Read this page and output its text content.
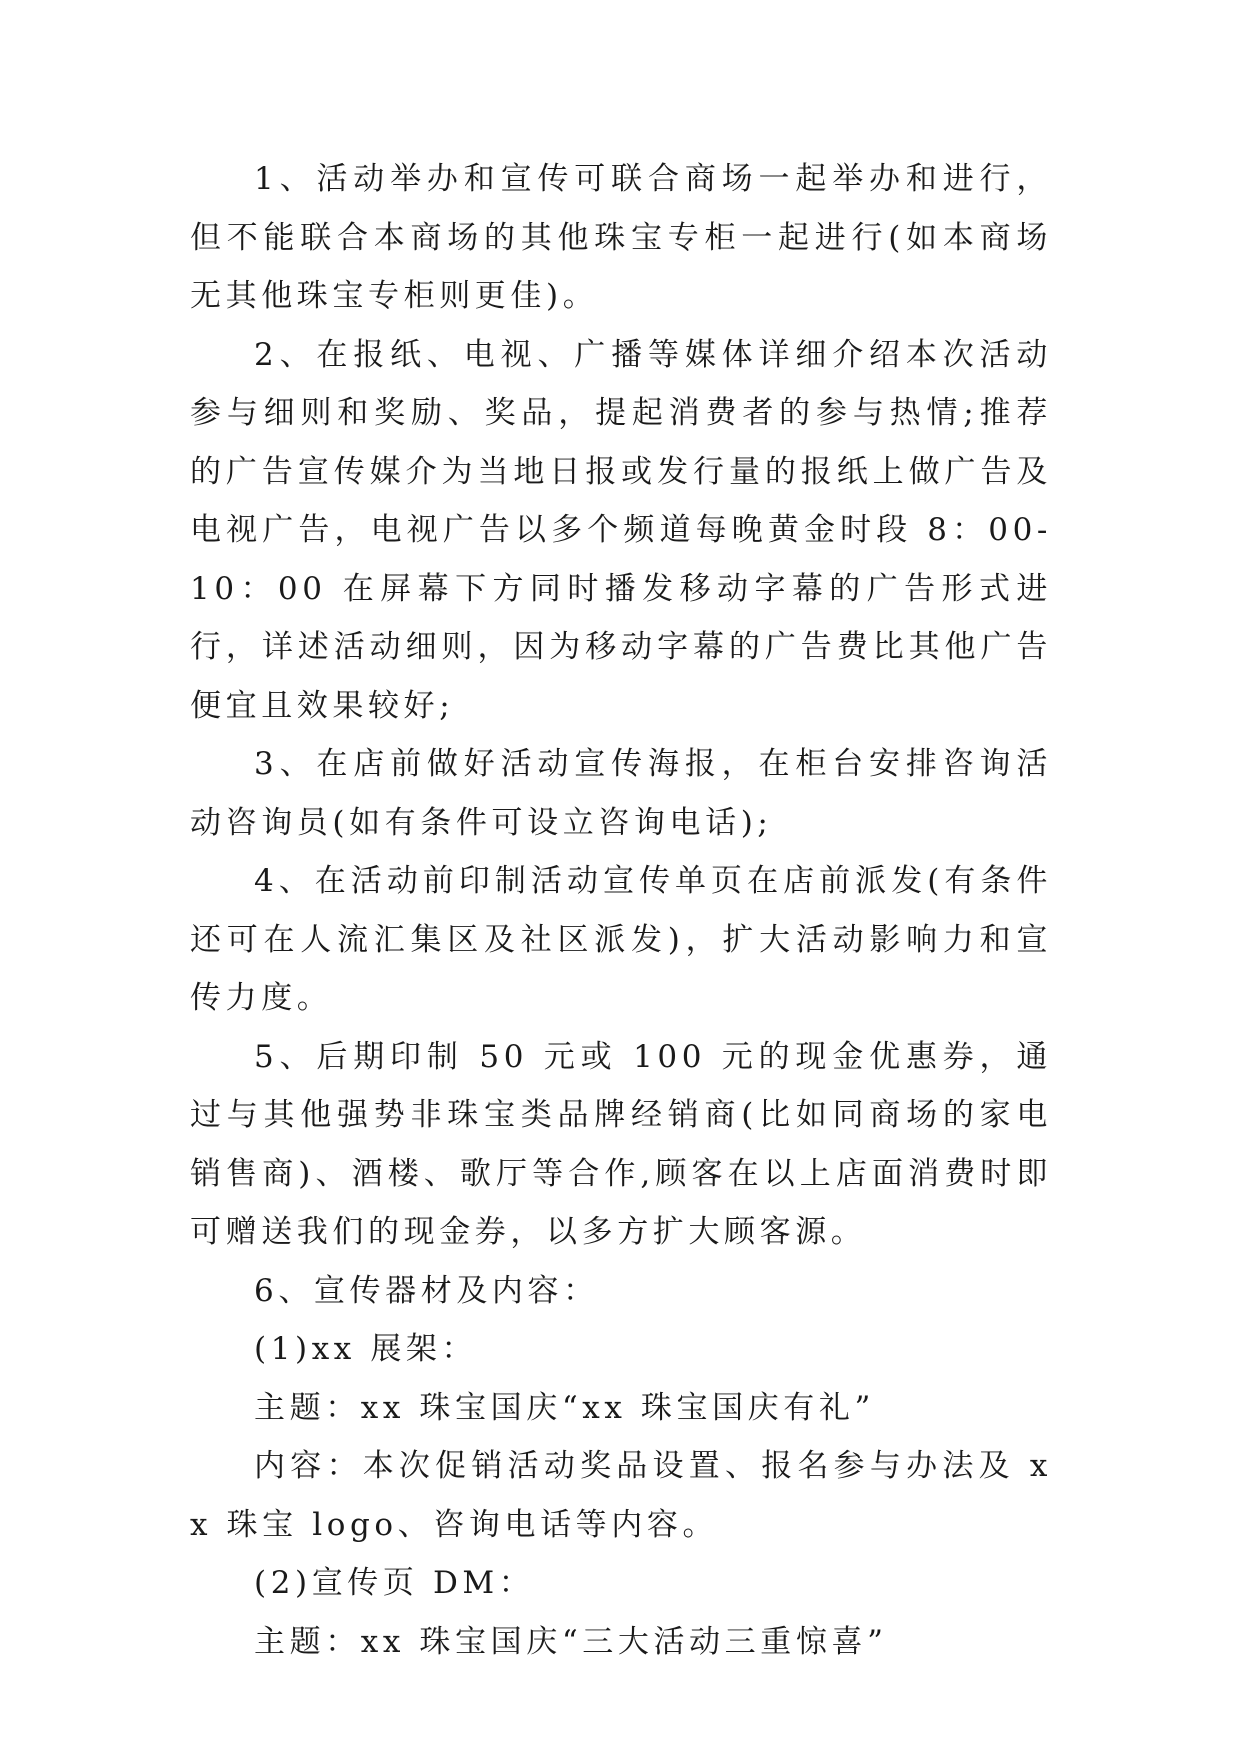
1、活动举办和宣传可联合商场一起举办和进行，但不能联合本商场的其他珠宝专柜一起进行(如本商场无其他珠宝专柜则更佳)。

2、在报纸、电视、广播等媒体详细介绍本次活动参与细则和奖励、奖品，提起消费者的参与热情;推荐的广告宣传媒介为当地日报或发行量的报纸上做广告及电视广告，电视广告以多个频道每晚黄金时段 8：00-10：00 在屏幕下方同时播发移动字幕的广告形式进行，详述活动细则，因为移动字幕的广告费比其他广告便宜且效果较好;

3、在店前做好活动宣传海报，在柜台安排咨询活动咨询员(如有条件可设立咨询电话);

4、在活动前印制活动宣传单页在店前派发(有条件还可在人流汇集区及社区派发)，扩大活动影响力和宣传力度。

5、后期印制 50 元或 100 元的现金优惠券，通过与其他强势非珠宝类品牌经销商(比如同商场的家电销售商)、酒楼、歌厅等合作,顾客在以上店面消费时即可赠送我们的现金券，以多方扩大顾客源。

6、宣传器材及内容：

(1)xx 展架：

主题：xx 珠宝国庆“xx 珠宝国庆有礼”

内容：本次促销活动奖品设置、报名参与办法及 xx 珠宝 logo、咨询电话等内容。

(2)宣传页 DM：

主题：xx 珠宝国庆“三大活动三重惊喜”
